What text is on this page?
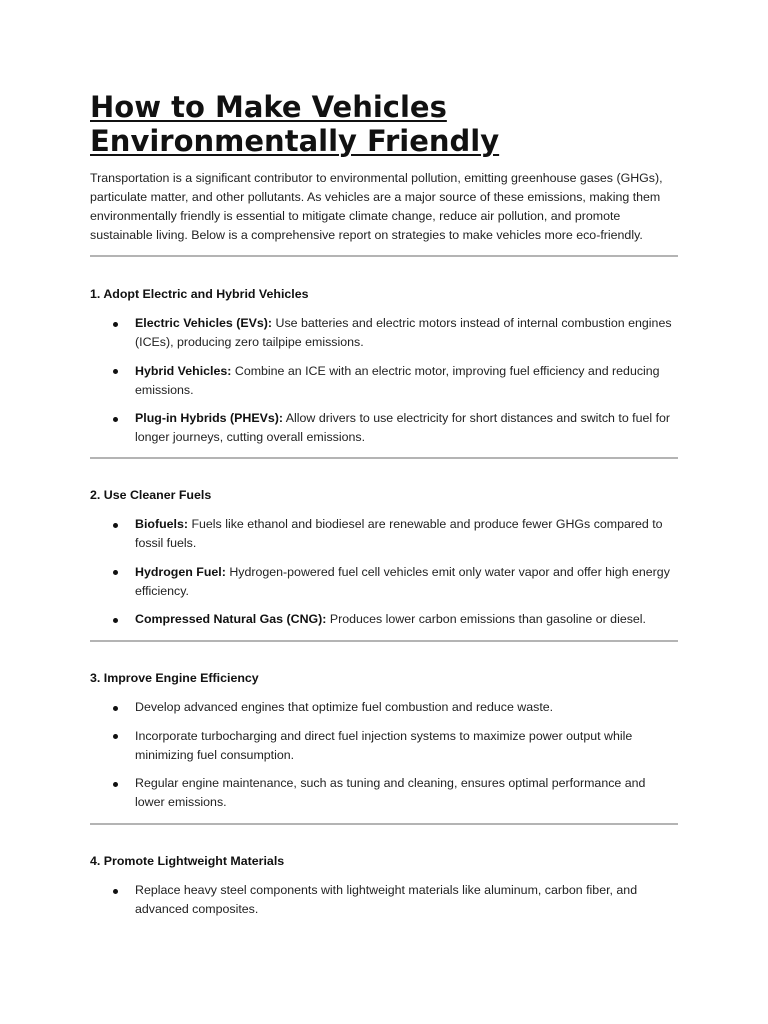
How to Make Vehicles
Environmentally Friendly

Transportation is a significant contributor to environmental pollution, emitting greenhouse gases (GHGs), particulate matter, and other pollutants. As vehicles are a major source of these emissions, making them environmentally friendly is essential to mitigate climate change, reduce air pollution, and promote sustainable living. Below is a comprehensive report on strategies to make vehicles more eco-friendly.

1. Adopt Electric and Hybrid Vehicles
Electric Vehicles (EVs): Use batteries and electric motors instead of internal combustion engines (ICEs), producing zero tailpipe emissions.
Hybrid Vehicles: Combine an ICE with an electric motor, improving fuel efficiency and reducing emissions.
Plug-in Hybrids (PHEVs): Allow drivers to use electricity for short distances and switch to fuel for longer journeys, cutting overall emissions.
2. Use Cleaner Fuels
Biofuels: Fuels like ethanol and biodiesel are renewable and produce fewer GHGs compared to fossil fuels.
Hydrogen Fuel: Hydrogen-powered fuel cell vehicles emit only water vapor and offer high energy efficiency.
Compressed Natural Gas (CNG): Produces lower carbon emissions than gasoline or diesel.
3. Improve Engine Efficiency
Develop advanced engines that optimize fuel combustion and reduce waste.
Incorporate turbocharging and direct fuel injection systems to maximize power output while minimizing fuel consumption.
Regular engine maintenance, such as tuning and cleaning, ensures optimal performance and lower emissions.
4. Promote Lightweight Materials
Replace heavy steel components with lightweight materials like aluminum, carbon fiber, and advanced composites.
